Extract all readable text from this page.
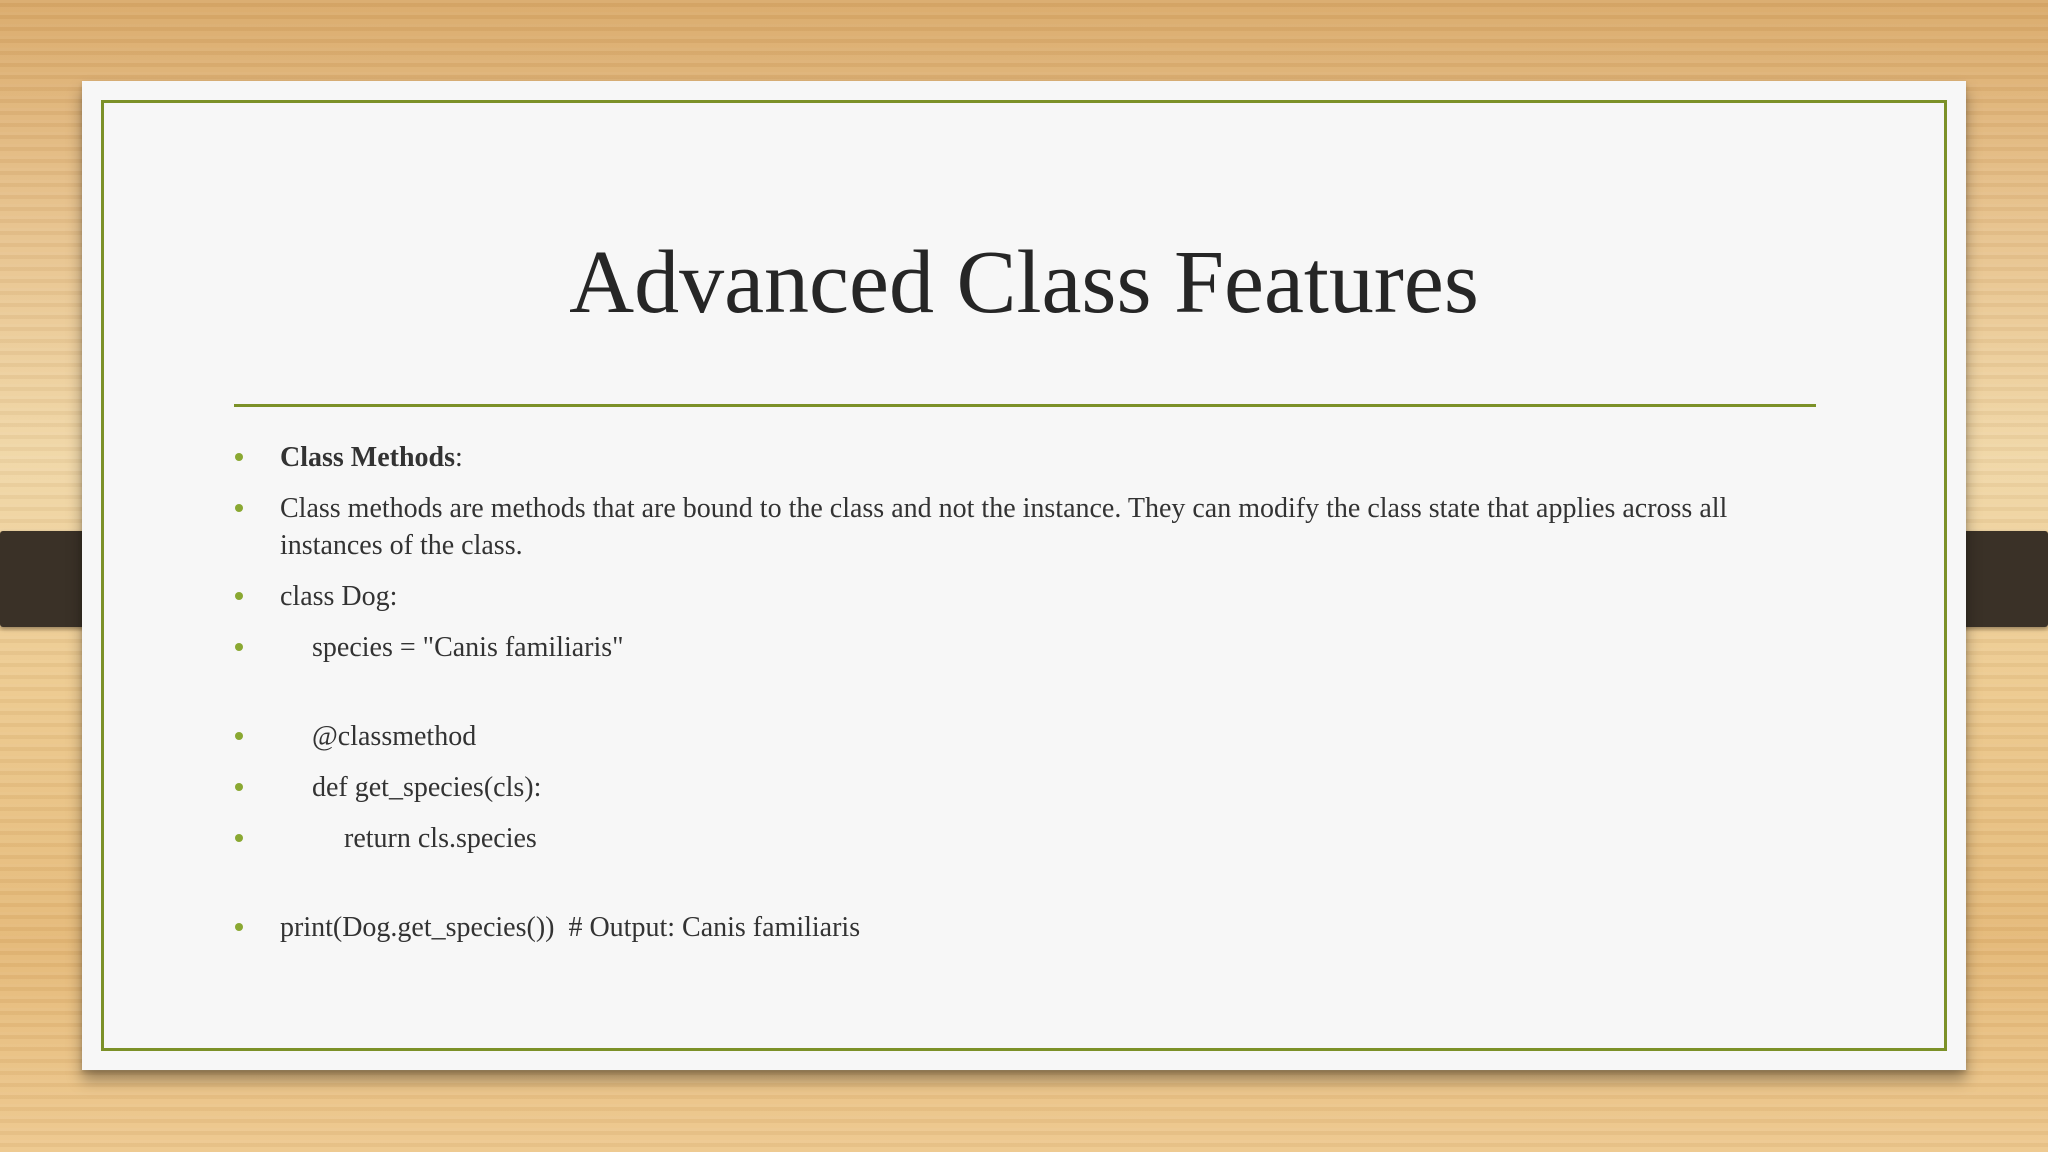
Advanced Class Features
Class Methods:
Class methods are methods that are bound to the class and not the instance. They can modify the class state that applies across all instances of the class.
class Dog:
species = "Canis familiaris"
@classmethod
def get_species(cls):
return cls.species
print(Dog.get_species())  # Output: Canis familiaris
